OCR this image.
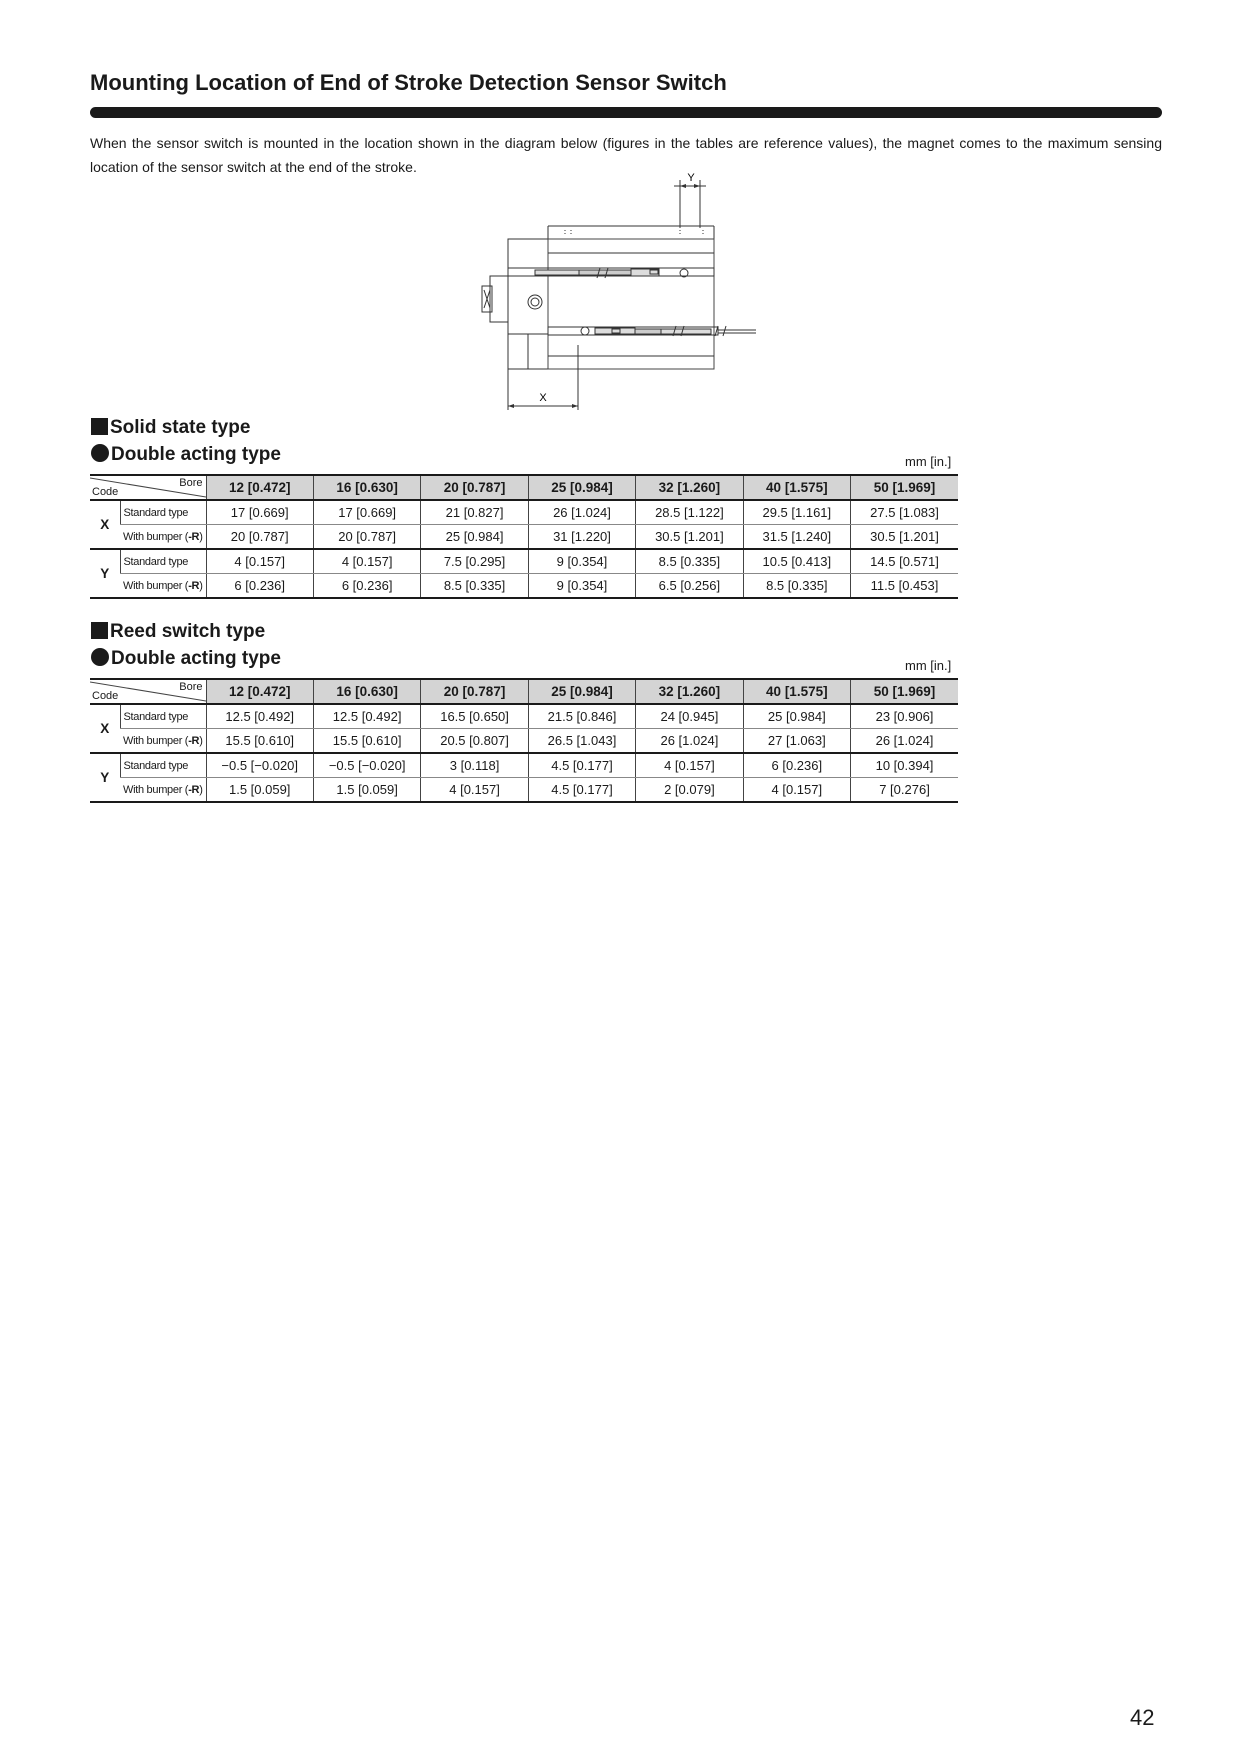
Mounting Location of End of Stroke Detection Sensor Switch
When the sensor switch is mounted in the location shown in the diagram below (figures in the tables are reference values), the magnet comes to the maximum sensing location of the sensor switch at the end of the stroke.
Y
X
Solid state type
Double acting type	mm [in.]
Bore
Code		12 [0.472]	16 [0.630]	20 [0.787]	25 [0.984]	32 [1.260]	40 [1.575]	50 [1.969]
X	Standard type	17 [0.669]	17 [0.669]	21 [0.827]	26 [1.024]	28.5 [1.122]	29.5 [1.161]	27.5 [1.083]
	With bumper (-R)	20 [0.787]	20 [0.787]	25 [0.984]	31 [1.220]	30.5 [1.201]	31.5 [1.240]	30.5 [1.201]
Y	Standard type	4 [0.157]	4 [0.157]	7.5 [0.295]	9 [0.354]	8.5 [0.335]	10.5 [0.413]	14.5 [0.571]
	With bumper (-R)	6 [0.236]	6 [0.236]	8.5 [0.335]	9 [0.354]	6.5 [0.256]	8.5 [0.335]	11.5 [0.453]
Reed switch type
Double acting type	mm [in.]
Bore
Code		12 [0.472]	16 [0.630]	20 [0.787]	25 [0.984]	32 [1.260]	40 [1.575]	50 [1.969]
X	Standard type	12.5 [0.492]	12.5 [0.492]	16.5 [0.650]	21.5 [0.846]	24 [0.945]	25 [0.984]	23 [0.906]
	With bumper (-R)	15.5 [0.610]	15.5 [0.610]	20.5 [0.807]	26.5 [1.043]	26 [1.024]	27 [1.063]	26 [1.024]
Y	Standard type	−0.5 [−0.020]	−0.5 [−0.020]	3 [0.118]	4.5 [0.177]	4 [0.157]	6 [0.236]	10 [0.394]
	With bumper (-R)	1.5 [0.059]	1.5 [0.059]	4 [0.157]	4.5 [0.177]	2 [0.079]	4 [0.157]	7 [0.276]
42
